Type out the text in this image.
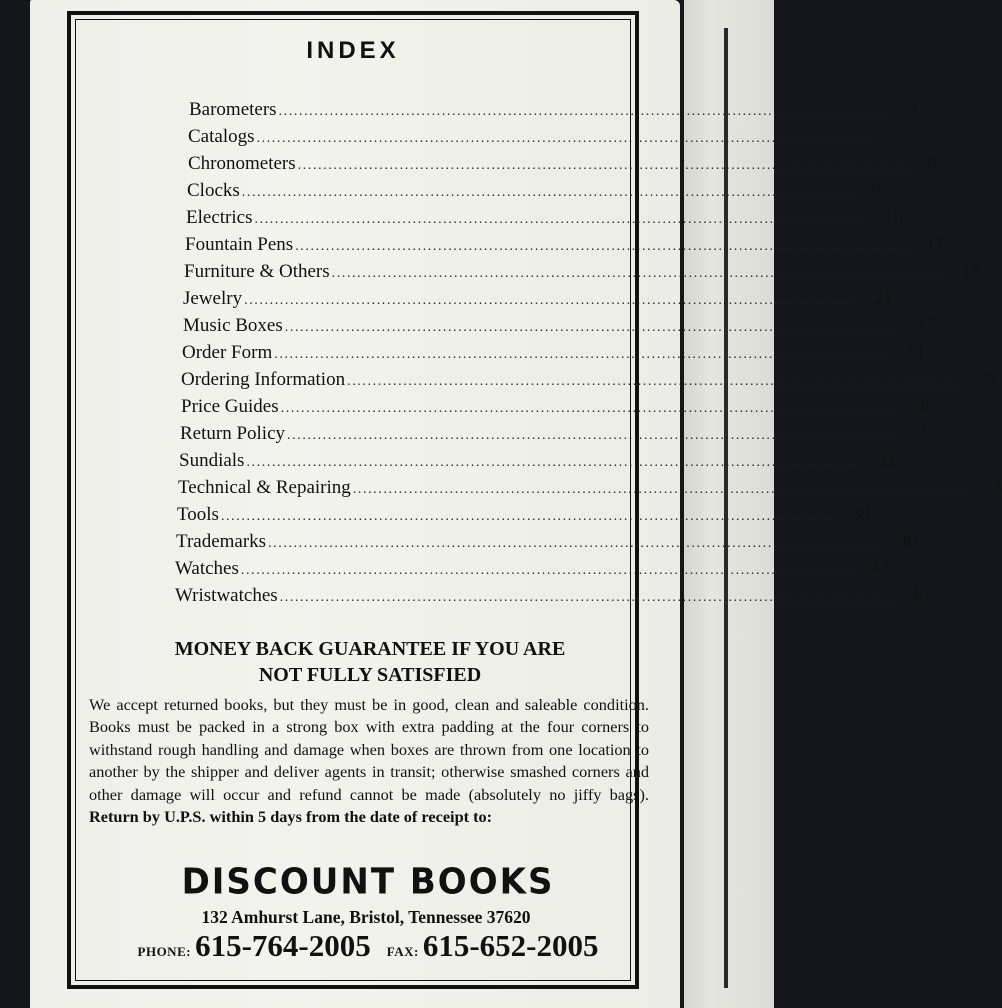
INDEX
Barometers ........................................................................................................................ 4
Catalogs ........................................................................................................................ 5
Chronometers ........................................................................................................................ 8
Clocks ........................................................................................................................ 9
Electrics ........................................................................................................................ 16
Fountain Pens ........................................................................................................................ 17
Furniture & Others ........................................................................................................................ 18
Jewelry ........................................................................................................................ 21
Music Boxes ........................................................................................................................ 27
Order Form ........................................................................................................................ 24
Ordering Information ........................................................................................................................ 25
Price Guides ........................................................................................................................ 28
Return Policy ........................................................................................................................ 25
Sundials ........................................................................................................................ 32
Technical & Repairing ........................................................................................................................ 33
Tools ........................................................................................................................ 38
Trademarks ........................................................................................................................ 40
Watches ........................................................................................................................ 42
Wristwatches ........................................................................................................................ 45
MONEY BACK GUARANTEE IF YOU ARE
NOT FULLY SATISFIED
We accept returned books, but they must be in good, clean and saleable condition. Books must be packed in a strong box with extra padding at the four corners to withstand rough handling and damage when boxes are thrown from one location to another by the shipper and deliver agents in transit; otherwise smashed corners and other damage will occur and refund cannot be made (absolutely no jiffy bags). Return by U.P.S. within 5 days from the date of receipt to:
DISCOUNT BOOKS
132 Amhurst Lane, Bristol, Tennessee 37620
PHONE: 615-764-2005 FAX: 615-652-2005
